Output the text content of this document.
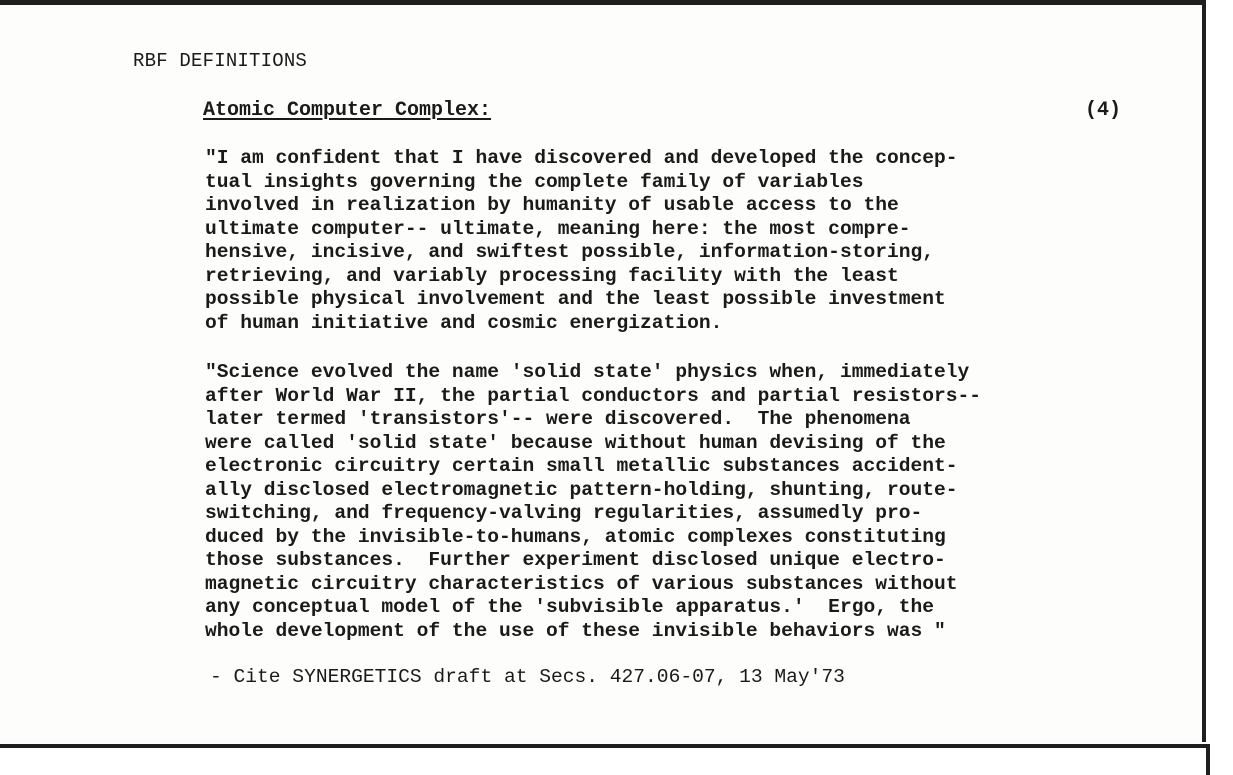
RBF DEFINITIONS
Atomic Computer Complex:	(4)

"I am confident that I have discovered and developed the concep-
tual insights governing the complete family of variables
involved in realization by humanity of usable access to the
ultimate computer-- ultimate, meaning here: the most compre-
hensive, incisive, and swiftest possible, information-storing,
retrieving, and variably processing facility with the least
possible physical involvement and the least possible investment
of human initiative and cosmic energization.

"Science evolved the name 'solid state' physics when, immediately
after World War II, the partial conductors and partial resistors--
later termed 'transistors'-- were discovered.  The phenomena
were called 'solid state' because without human devising of the
electronic circuitry certain small metallic substances accident-
ally disclosed electromagnetic pattern-holding, shunting, route-
switching, and frequency-valving regularities, assumedly pro-
duced by the invisible-to-humans, atomic complexes constituting
those substances.  Further experiment disclosed unique electro-
magnetic circuitry characteristics of various substances without
any conceptual model of the 'subvisible apparatus.'  Ergo, the
whole development of the use of these invisible behaviors was "

- Cite SYNERGETICS draft at Secs. 427.06-07, 13 May'73
